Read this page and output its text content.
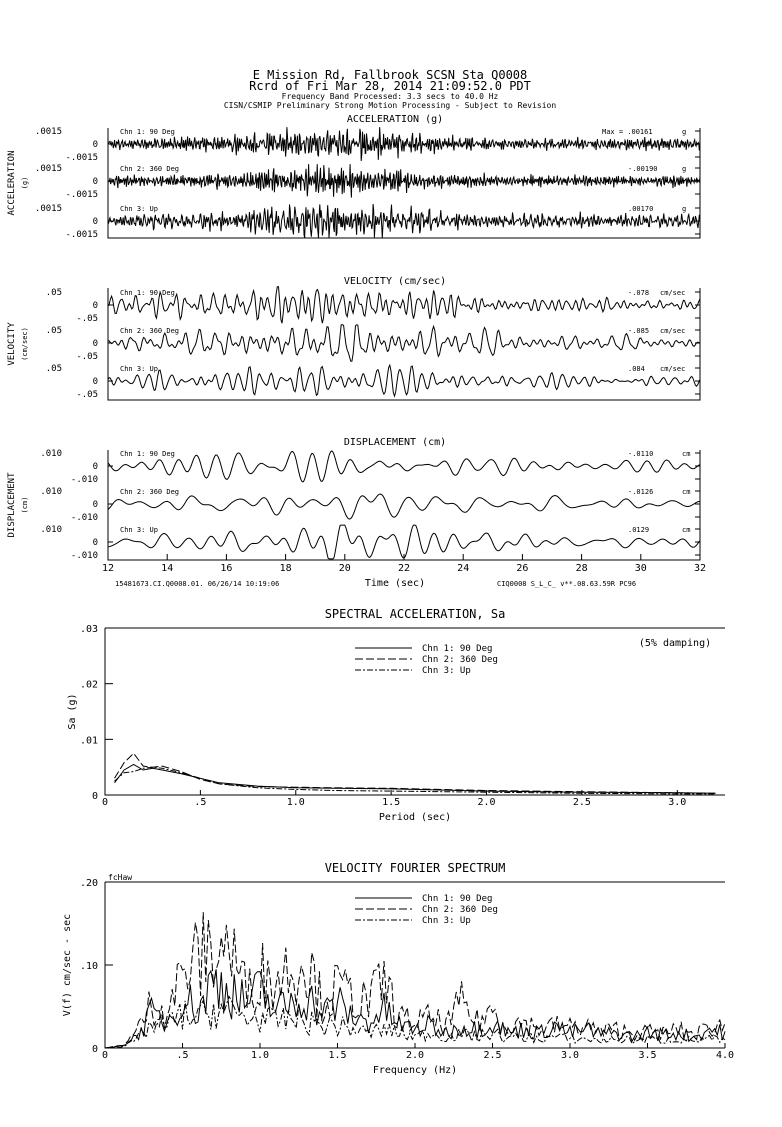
E Mission Rd, Fallbrook SCSN Sta Q0008
Rcrd of Fri Mar 28, 2014 21:09:52.0 PDT
Frequency Band Processed: 3.3 secs to 40.0 Hz
CISN/CSMIP Preliminary Strong Motion Processing - Subject to Revision
ACCELERATION (g)
ACCELERATION (g)
.0015
0
-.0015
Chn 1: 90 Deg	Max = .00161	g
.0015
0
-.0015
Chn 2: 360 Deg	-.00190	g
.0015
0
-.0015
Chn 3: Up	.00170	g
VELOCITY (cm/sec)
VELOCITY (cm/sec)
.05
0
-.05
Chn 1: 90 Deg	-.078 cm/sec
.05
0
-.05
Chn 2: 360 Deg	-.085 cm/sec
.05
0
-.05
Chn 3: Up	.084 cm/sec
DISPLACEMENT (cm)
DISPLACEMENT (cm)
.010
0
-.010
Chn 1: 90 Deg	-.0110	cm
.010
0
-.010
Chn 2: 360 Deg	-.0126	cm
.010
0
-.010
Chn 3: Up	.0129	cm
12	14	16	18	20	22	24	26	28	30	32
Time (sec)
15481673.CI.Q0008.01. 06/26/14 10:19:06	CIQ0008 S_L_C_ v**.08.63.59R PC96
SPECTRAL ACCELERATION, Sa
Period (sec)
Sa (g)
0	.5	1.0	1.5	2.0	2.5	3.0
0
.01
.02
.03
Chn 1: 90 Deg
Chn 2: 360 Deg
Chn 3: Up
(5% damping)
VELOCITY FOURIER SPECTRUM
Frequency (Hz)
V(f) cm/sec - sec
0	.5	1.0	1.5	2.0	2.5	3.0	3.5	4.0
0
.10
.20
Chn 1: 90 Deg
Chn 2: 360 Deg
Chn 3: Up
fcHaw
